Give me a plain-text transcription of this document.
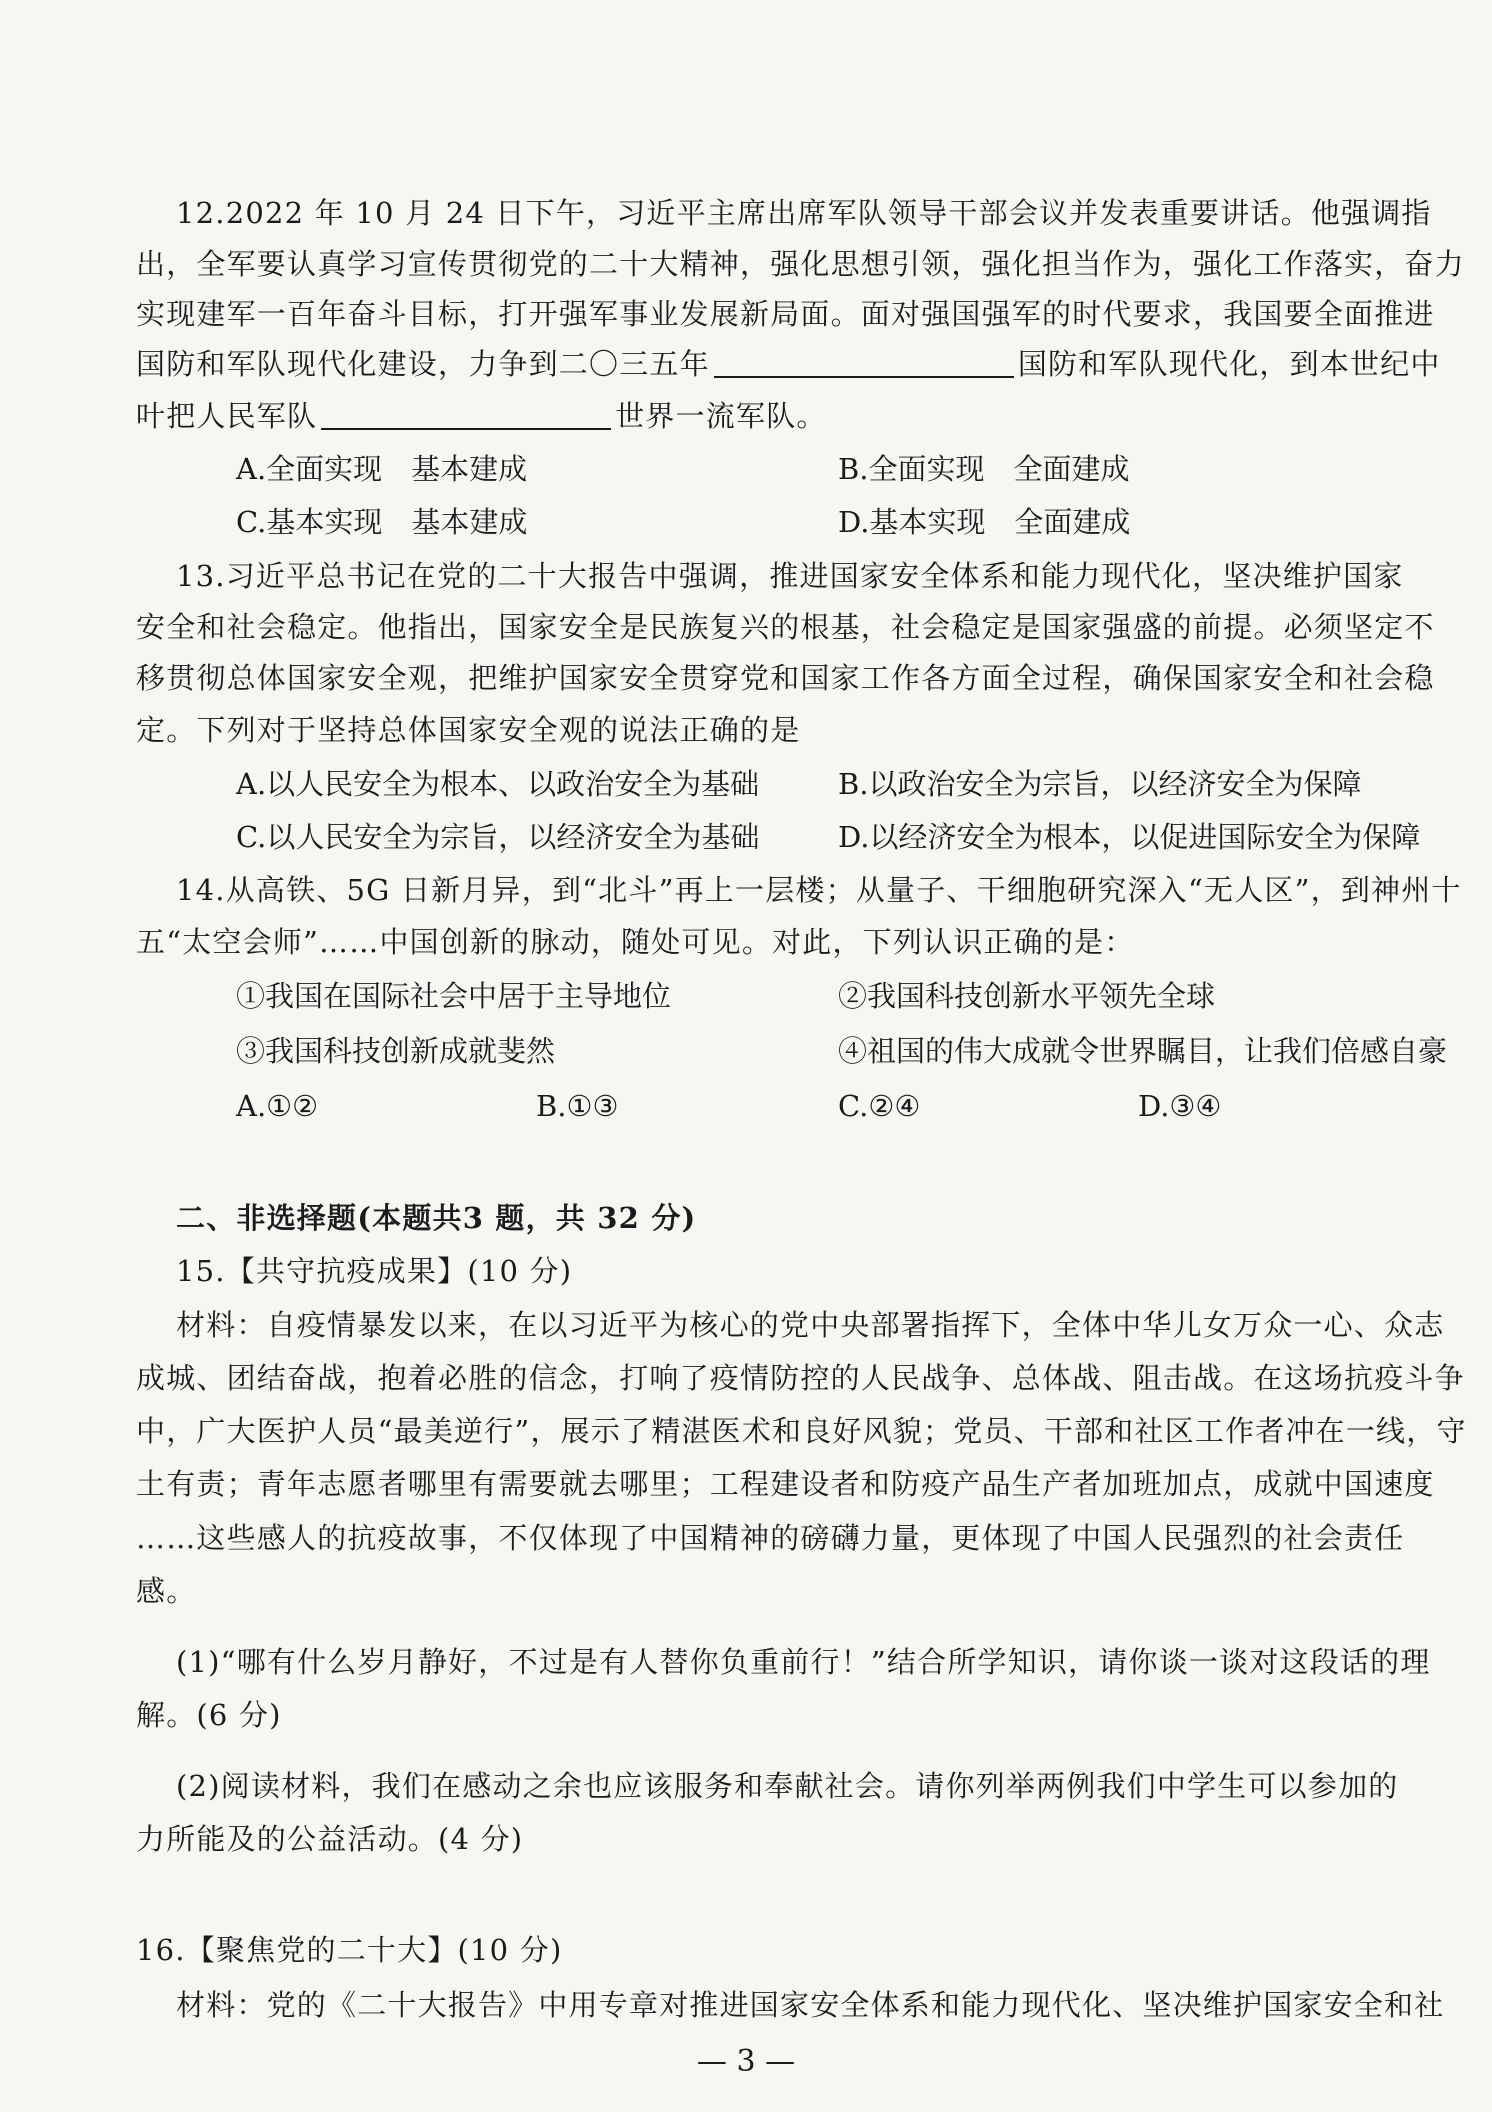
12.2022 年 10 月 24 日下午，习近平主席出席军队领导干部会议并发表重要讲话。他强调指
出，全军要认真学习宣传贯彻党的二十大精神，强化思想引领，强化担当作为，强化工作落实，奋力
实现建军一百年奋斗目标，打开强军事业发展新局面。面对强国强军的时代要求，我国要全面推进
国防和军队现代化建设，力争到二〇三五年	国防和军队现代化，到本世纪中
叶把人民军队	世界一流军队。
A.全面实现　基本建成	B.全面实现　全面建成
C.基本实现　基本建成	D.基本实现　全面建成
13.习近平总书记在党的二十大报告中强调，推进国家安全体系和能力现代化，坚决维护国家
安全和社会稳定。他指出，国家安全是民族复兴的根基，社会稳定是国家强盛的前提。必须坚定不
移贯彻总体国家安全观，把维护国家安全贯穿党和国家工作各方面全过程，确保国家安全和社会稳
定。下列对于坚持总体国家安全观的说法正确的是
A.以人民安全为根本、以政治安全为基础	B.以政治安全为宗旨，以经济安全为保障
C.以人民安全为宗旨，以经济安全为基础	D.以经济安全为根本，以促进国际安全为保障
14.从高铁、5G 日新月异，到“北斗”再上一层楼；从量子、干细胞研究深入“无人区”，到神州十
五“太空会师”……中国创新的脉动，随处可见。对此，下列认识正确的是：
①我国在国际社会中居于主导地位	②我国科技创新水平领先全球
③我国科技创新成就斐然	④祖国的伟大成就令世界瞩目，让我们倍感自豪
A.①②	B.①③	C.②④	D.③④
二、非选择题(本题共3 题，共 32 分)
15.【共守抗疫成果】(10 分)
材料：自疫情暴发以来，在以习近平为核心的党中央部署指挥下，全体中华儿女万众一心、众志
成城、团结奋战，抱着必胜的信念，打响了疫情防控的人民战争、总体战、阻击战。在这场抗疫斗争
中，广大医护人员“最美逆行”，展示了精湛医术和良好风貌；党员、干部和社区工作者冲在一线，守
土有责；青年志愿者哪里有需要就去哪里；工程建设者和防疫产品生产者加班加点，成就中国速度
……这些感人的抗疫故事，不仅体现了中国精神的磅礴力量，更体现了中国人民强烈的社会责任
感。
(1)“哪有什么岁月静好，不过是有人替你负重前行！”结合所学知识，请你谈一谈对这段话的理
解。(6 分)
(2)阅读材料，我们在感动之余也应该服务和奉献社会。请你列举两例我们中学生可以参加的
力所能及的公益活动。(4 分)
16.【聚焦党的二十大】(10 分)
材料：党的《二十大报告》中用专章对推进国家安全体系和能力现代化、坚决维护国家安全和社
— 3 —
